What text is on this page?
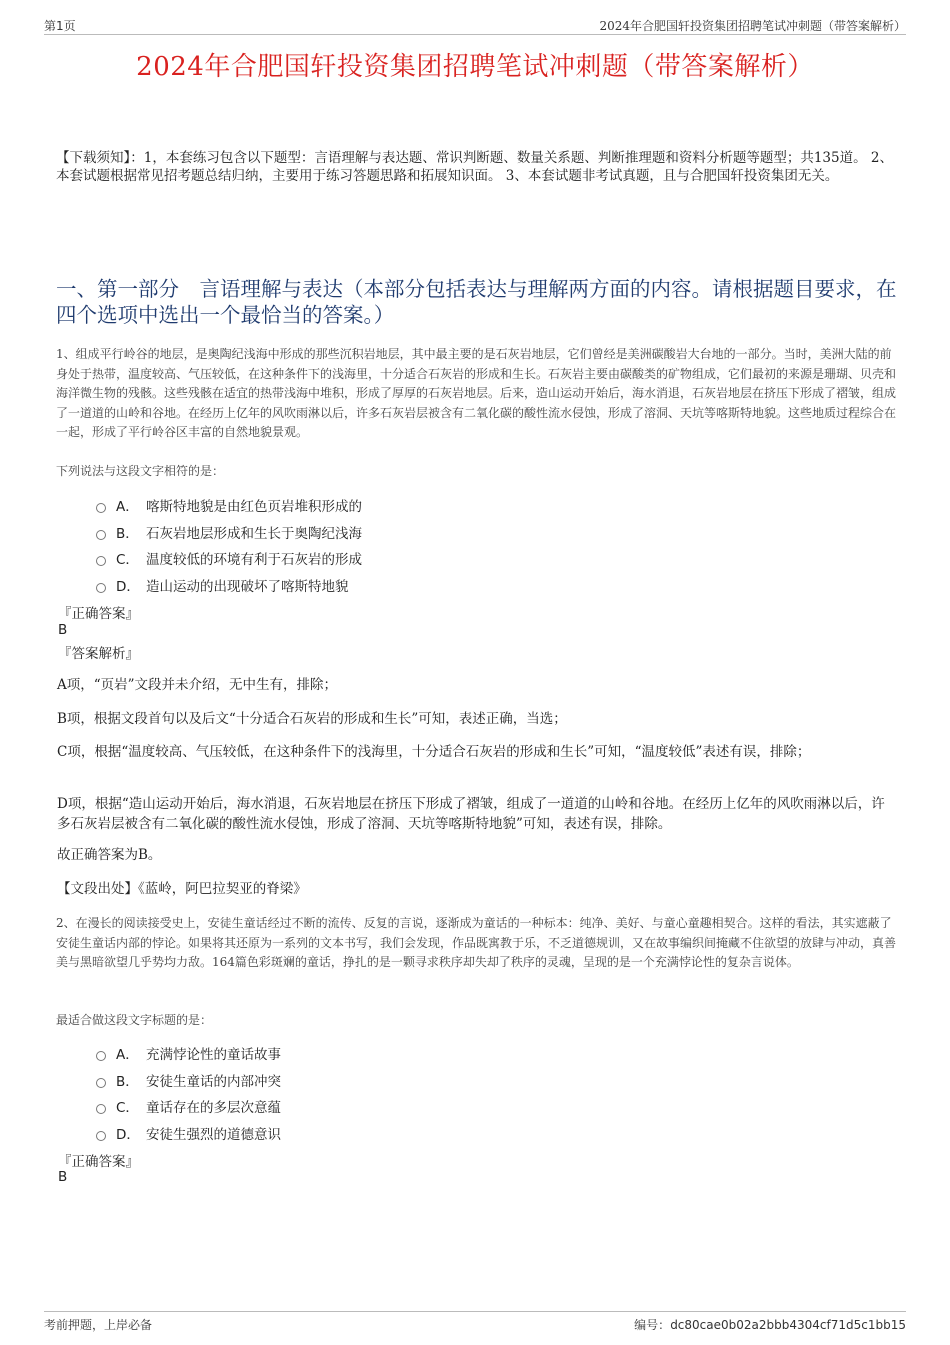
第1页	2024年合肥国轩投资集团招聘笔试冲刺题（带答案解析）
2024年合肥国轩投资集团招聘笔试冲刺题（带答案解析）
【下载须知】：1，本套练习包含以下题型：言语理解与表达题、常识判断题、数量关系题、判断推理题和资料分析题等题型；共135道。 2、本套试题根据常见招考题总结归纳，主要用于练习答题思路和拓展知识面。 3、本套试题非考试真题，且与合肥国轩投资集团无关。
一、第一部分　言语理解与表达（本部分包括表达与理解两方面的内容。请根据题目要求，在四个选项中选出一个最恰当的答案。）
1、组成平行岭谷的地层，是奥陶纪浅海中形成的那些沉积岩地层，其中最主要的是石灰岩地层，它们曾经是美洲碳酸岩大台地的一部分。当时，美洲大陆的前身处于热带，温度较高、气压较低，在这种条件下的浅海里，十分适合石灰岩的形成和生长。石灰岩主要由碳酸类的矿物组成，它们最初的来源是珊瑚、贝壳和海洋微生物的残骸。这些残骸在适宜的热带浅海中堆积，形成了厚厚的石灰岩地层。后来，造山运动开始后，海水消退，石灰岩地层在挤压下形成了褶皱，组成了一道道的山岭和谷地。在经历上亿年的风吹雨淋以后，许多石灰岩层被含有二氧化碳的酸性流水侵蚀，形成了溶洞、天坑等喀斯特地貌。这些地质过程综合在一起，形成了平行岭谷区丰富的自然地貌景观。
下列说法与这段文字相符的是：
A． 喀斯特地貌是由红色页岩堆积形成的
B． 石灰岩地层形成和生长于奥陶纪浅海
C． 温度较低的环境有利于石灰岩的形成
D． 造山运动的出现破坏了喀斯特地貌
『正确答案』
B
『答案解析』
A项，“页岩”文段并未介绍，无中生有，排除；
B项，根据文段首句以及后文“十分适合石灰岩的形成和生长”可知，表述正确，当选；
C项，根据“温度较高、气压较低，在这种条件下的浅海里，十分适合石灰岩的形成和生长”可知，“温度较低”表述有误，排除；
D项，根据“造山运动开始后，海水消退，石灰岩地层在挤压下形成了褶皱，组成了一道道的山岭和谷地。在经历上亿年的风吹雨淋以后，许多石灰岩层被含有二氧化碳的酸性流水侵蚀，形成了溶洞、天坑等喀斯特地貌”可知，表述有误，排除。
故正确答案为B。
【文段出处】《蓝岭，阿巴拉契亚的脊梁》
2、在漫长的阅读接受史上，安徒生童话经过不断的流传、反复的言说，逐渐成为童话的一种标本：纯净、美好、与童心童趣相契合。这样的看法，其实遮蔽了安徒生童话内部的悖论。如果将其还原为一系列的文本书写，我们会发现，作品既寓教于乐，不乏道德规训，又在故事编织间掩藏不住欲望的放肆与冲动，真善美与黑暗欲望几乎势均力敌。164篇色彩斑斓的童话，挣扎的是一颗寻求秩序却失却了秩序的灵魂，呈现的是一个充满悖论性的复杂言说体。
最适合做这段文字标题的是：
A． 充满悖论性的童话故事
B． 安徒生童话的内部冲突
C． 童话存在的多层次意蕴
D． 安徒生强烈的道德意识
『正确答案』
B
考前押题，上岸必备	编号：dc80cae0b02a2bbb4304cf71d5c1bb15
